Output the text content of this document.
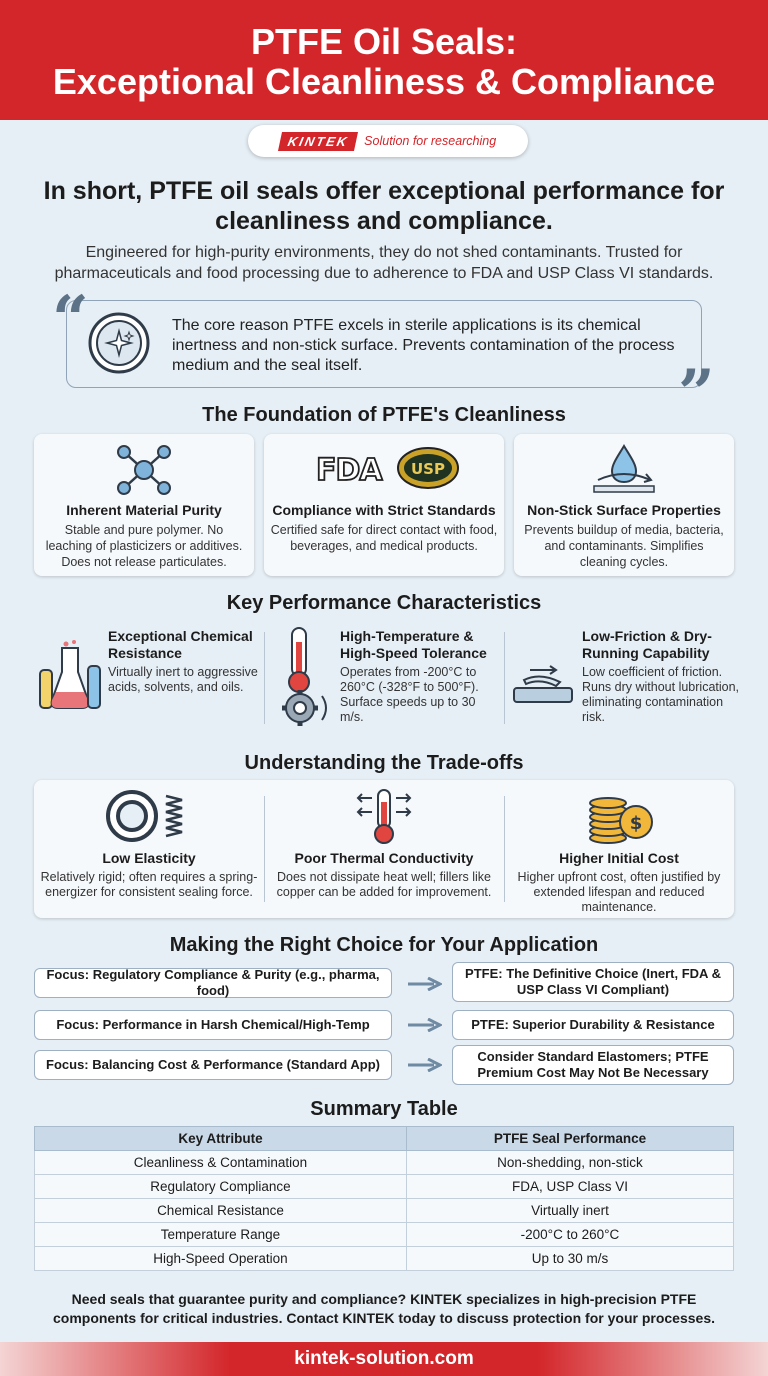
PTFE Oil Seals:
Exceptional Cleanliness & Compliance
KINTEK	Solution for researching
In short, PTFE oil seals offer exceptional performance for cleanliness and compliance.
Engineered for high-purity environments, they do not shed contaminants. Trusted for pharmaceuticals and food processing due to adherence to FDA and USP Class VI standards.
“
”
The core reason PTFE excels in sterile applications is its chemical inertness and non-stick surface. Prevents contamination of the process medium and the seal itself.
The Foundation of PTFE's Cleanliness
Inherent Material Purity
Stable and pure polymer. No leaching of plasticizers or additives. Does not release particulates.
FDA USP
Compliance with Strict Standards
Certified safe for direct contact with food, beverages, and medical products.
Non-Stick Surface Properties
Prevents buildup of media, bacteria, and contaminants. Simplifies cleaning cycles.
Key Performance Characteristics
Exceptional Chemical Resistance
Virtually inert to aggressive acids, solvents, and oils.
High-Temperature & High-Speed Tolerance
Operates from -200°C to 260°C (-328°F to 500°F). Surface speeds up to 30 m/s.
Low-Friction & Dry-Running Capability
Low coefficient of friction. Runs dry without lubrication, eliminating contamination risk.
Understanding the Trade-offs
Low Elasticity
Relatively rigid; often requires a spring-energizer for consistent sealing force.
Poor Thermal Conductivity
Does not dissipate heat well; fillers like copper can be added for improvement.
$
Higher Initial Cost
Higher upfront cost, often justified by extended lifespan and reduced maintenance.
Making the Right Choice for Your Application
Focus: Regulatory Compliance & Purity (e.g., pharma, food)
PTFE: The Definitive Choice (Inert, FDA & USP Class VI Compliant)
Focus: Performance in Harsh Chemical/High-Temp	PTFE: Superior Durability & Resistance
Focus: Balancing Cost & Performance (Standard App)
Consider Standard Elastomers; PTFE Premium Cost May Not Be Necessary
Summary Table
Key Attribute	PTFE Seal Performance
Cleanliness & Contamination	Non-shedding, non-stick
Regulatory Compliance	FDA, USP Class VI
Chemical Resistance	Virtually inert
Temperature Range	-200°C to 260°C
High-Speed Operation	Up to 30 m/s
Need seals that guarantee purity and compliance? KINTEK specializes in high-precision PTFE components for critical industries. Contact KINTEK today to discuss protection for your processes.
kintek-solution.com
